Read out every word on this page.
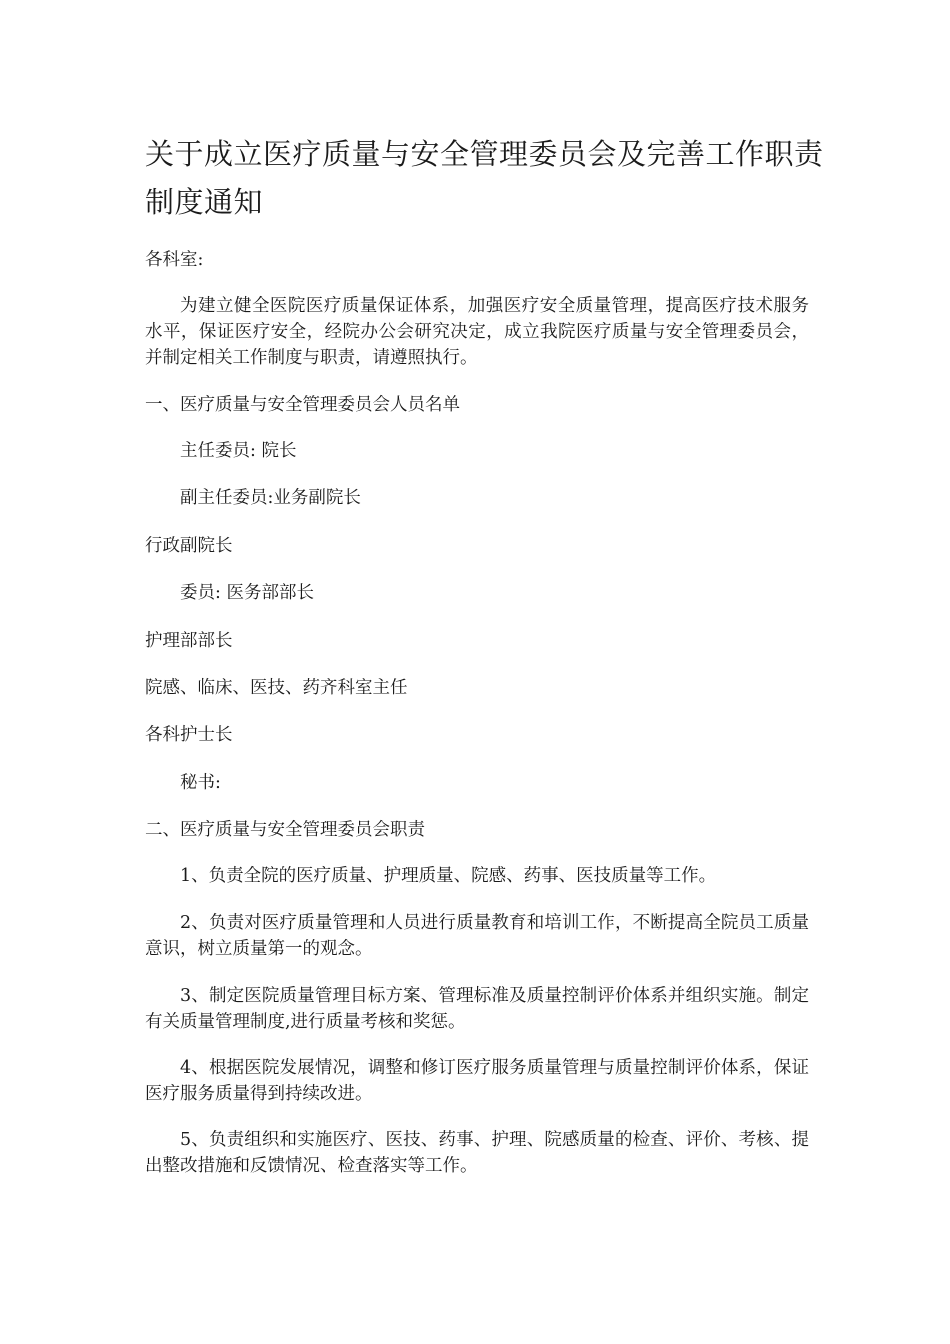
关于成立医疗质量与安全管理委员会及完善工作职责制度通知

各科室:

为建立健全医院医疗质量保证体系，加强医疗安全质量管理，提高医疗技术服务水平，保证医疗安全，经院办公会研究决定，成立我院医疗质量与安全管理委员会，并制定相关工作制度与职责，请遵照执行。

一、医疗质量与安全管理委员会人员名单

主任委员: 院长

副主任委员:业务副院长

行政副院长

委员: 医务部部长

护理部部长

院感、临床、医技、药齐科室主任

各科护士长

秘书:

二、医疗质量与安全管理委员会职责

1、负责全院的医疗质量、护理质量、院感、药事、医技质量等工作。

2、负责对医疗质量管理和人员进行质量教育和培训工作，不断提高全院员工质量意识，树立质量第一的观念。

3、制定医院质量管理目标方案、管理标准及质量控制评价体系并组织实施。制定有关质量管理制度,进行质量考核和奖惩。

4、根据医院发展情况，调整和修订医疗服务质量管理与质量控制评价体系，保证医疗服务质量得到持续改进。

5、负责组织和实施医疗、医技、药事、护理、院感质量的检查、评价、考核、提出整改措施和反馈情况、检查落实等工作。
